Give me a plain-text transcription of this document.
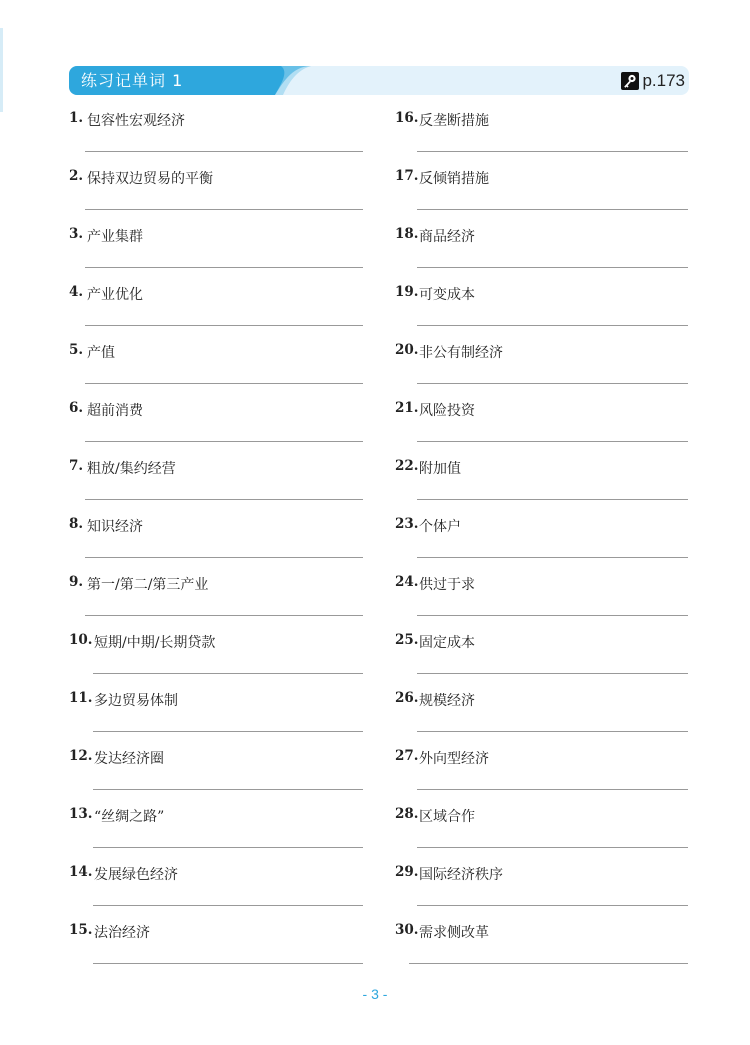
练习记单词 1	p.173
1. 包容性宏观经济
2. 保持双边贸易的平衡
3. 产业集群
4. 产业优化
5. 产值
6. 超前消费
7. 粗放/集约经营
8. 知识经济
9. 第一/第二/第三产业
10. 短期/中期/长期贷款
11. 多边贸易体制
12. 发达经济圈
13. “丝绸之路”
14. 发展绿色经济
15. 法治经济
16. 反垄断措施
17. 反倾销措施
18. 商品经济
19. 可变成本
20. 非公有制经济
21. 风险投资
22. 附加值
23. 个体户
24. 供过于求
25. 固定成本
26. 规模经济
27. 外向型经济
28. 区域合作
29. 国际经济秩序
30. 需求侧改革
- 3 -
